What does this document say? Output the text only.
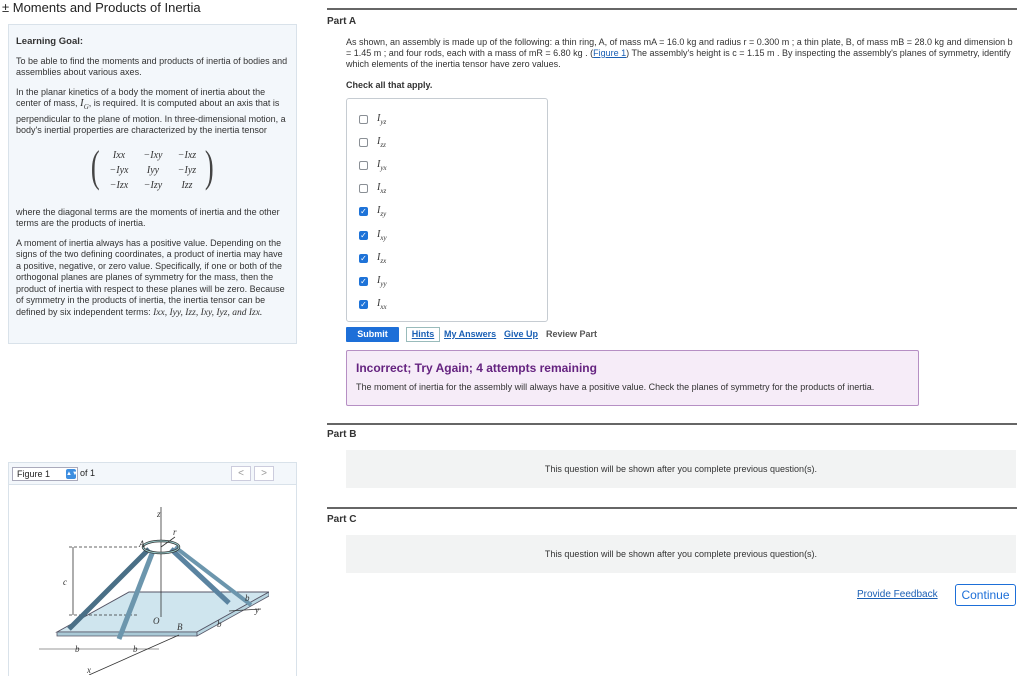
± Moments and Products of Inertia
Learning Goal:
To be able to find the moments and products of inertia of bodies and assemblies about various axes.
In the planar kinetics of a body the moment of inertia about the center of mass, $I_G$, is required. It is computed about an axis that is perpendicular to the plane of motion. In three-dimensional motion, a body's inertial properties are characterized by the inertia tensor
(	Ixx	−Ixy	−Ixz
−Iyx	Iyy	−Iyz
−Izx	−Izy	Izz )
where the diagonal terms are the moments of inertia and the other terms are the products of inertia.
A moment of inertia always has a positive value. Depending on the signs of the two defining coordinates, a product of inertia may have a positive, negative, or zero value. Specifically, if one or both of the orthogonal planes are planes of symmetry for the mass, then the product of inertia with respect to these planes will be zero. Because of symmetry in the products of inertia, the inertia tensor can be defined by six independent terms: Ixx, Iyy, Izz, Ixy, Iyz, and Izx.
Figure 1	▲▼ of 1	<	>
z
r
A
c
O
B
b	b
b
b
y
x
Part A
As shown, an assembly is made up of the following: a thin ring, A, of mass mA = 16.0 kg and radius r = 0.300 m ; a thin plate, B, of mass mB = 28.0 kg and dimension b = 1.45 m ; and four rods, each with a mass of mR = 6.80 kg . (Figure 1) The assembly's height is c = 1.15 m . By inspecting the assembly's planes of symmetry, identify which elements of the inertia tensor have zero values.
Check all that apply.
$I_{yz}$
$I_{zz}$
$I_{yx}$
$I_{xz}$
✓ $I_{zy}$
✓ $I_{xy}$
✓ $I_{zx}$
✓ $I_{yy}$
✓ $I_{xx}$
Submit	Hints	My Answers Give Up Review Part
Incorrect; Try Again; 4 attempts remaining
The moment of inertia for the assembly will always have a positive value. Check the planes of symmetry for the products of inertia.
Part B
This question will be shown after you complete previous question(s).
Part C
This question will be shown after you complete previous question(s).
Provide Feedback	Continue
